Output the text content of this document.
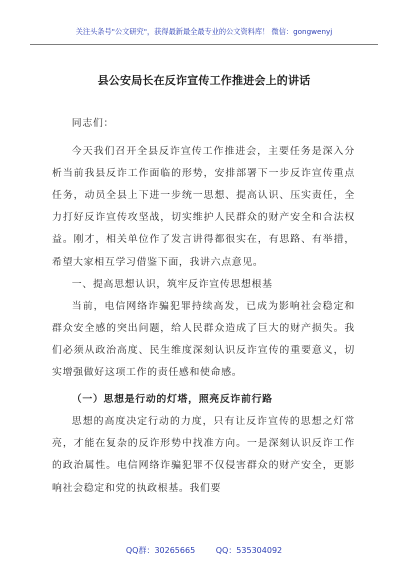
关注头条号"公文研究"，获得最新最全最专业的公文资料库！ 微信：gongwenyj
县公安局长在反诈宣传工作推进会上的讲话

同志们：

今天我们召开全县反诈宣传工作推进会，主要任务是深入分析当前我县反诈工作面临的形势，安排部署下一步反诈宣传重点任务，动员全县上下进一步统一思想、提高认识、压实责任，全力打好反诈宣传攻坚战，切实维护人民群众的财产安全和合法权益。刚才，相关单位作了发言讲得都很实在，有思路、有举措，希望大家相互学习借鉴下面，我讲六点意见。

一、提高思想认识，筑牢反诈宣传思想根基

当前，电信网络诈骗犯罪持续高发，已成为影响社会稳定和群众安全感的突出问题，给人民群众造成了巨大的财产损失。我们必须从政治高度、民生维度深刻认识反诈宣传的重要意义，切实增强做好这项工作的责任感和使命感。

（一）思想是行动的灯塔，照亮反诈前行路

思想的高度决定行动的力度，只有让反诈宣传的思想之灯常亮，才能在复杂的反诈形势中找准方向。一是深刻认识反诈工作的政治属性。电信网络诈骗犯罪不仅侵害群众的财产安全，更影响社会稳定和党的执政根基。我们要

QQ群：30265665	QQ：535304092
